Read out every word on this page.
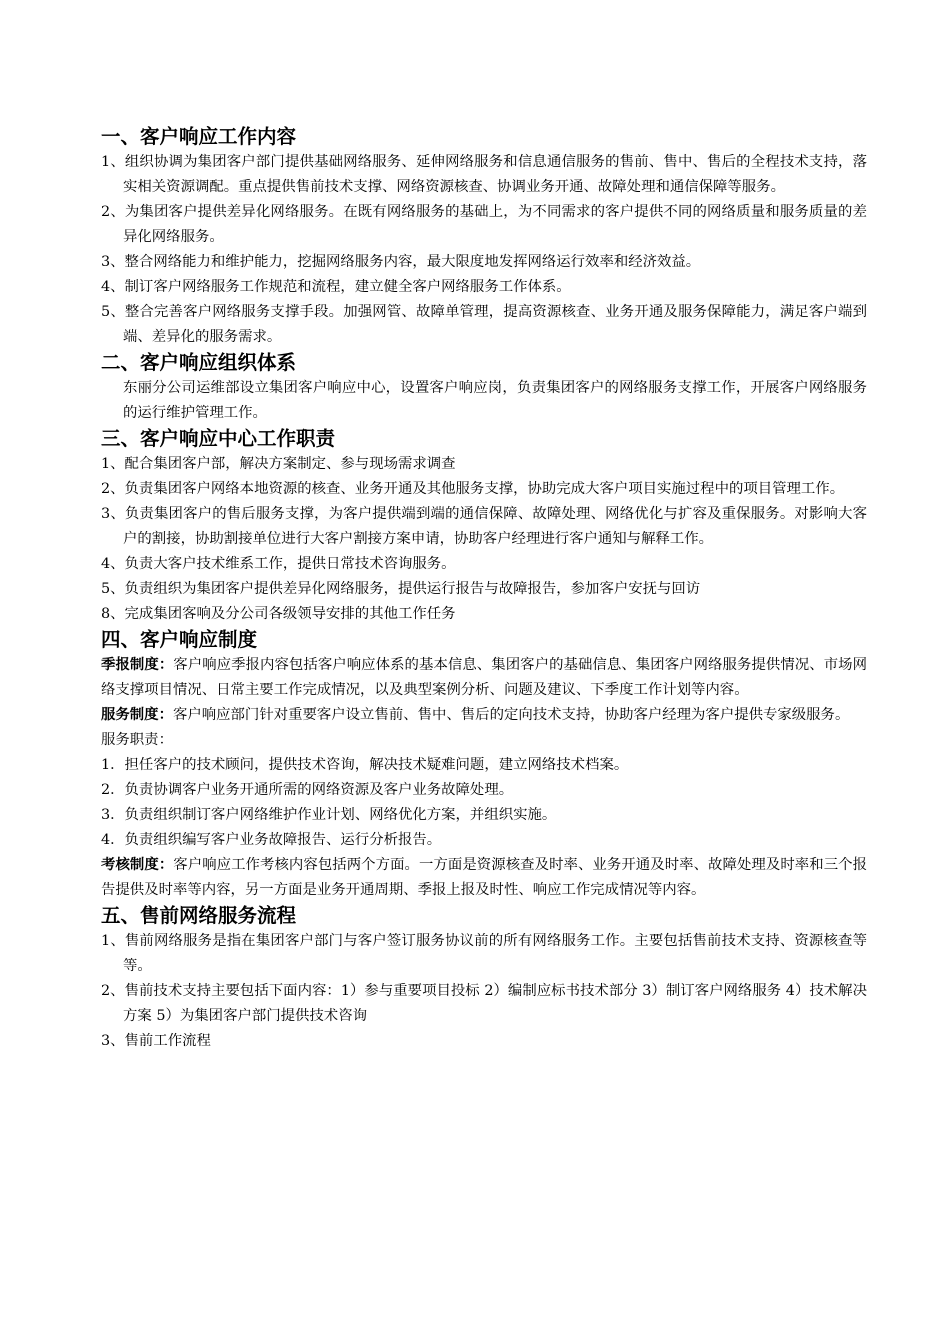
一、客户响应工作内容
1、组织协调为集团客户部门提供基础网络服务、延伸网络服务和信息通信服务的售前、售中、售后的全程技术支持，落实相关资源调配。重点提供售前技术支撑、网络资源核查、协调业务开通、故障处理和通信保障等服务。
2、为集团客户提供差异化网络服务。在既有网络服务的基础上，为不同需求的客户提供不同的网络质量和服务质量的差异化网络服务。
3、整合网络能力和维护能力，挖掘网络服务内容，最大限度地发挥网络运行效率和经济效益。
4、制订客户网络服务工作规范和流程，建立健全客户网络服务工作体系。
5、整合完善客户网络服务支撑手段。加强网管、故障单管理，提高资源核查、业务开通及服务保障能力，满足客户端到端、差异化的服务需求。
二、客户响应组织体系
东丽分公司运维部设立集团客户响应中心，设置客户响应岗，负责集团客户的网络服务支撑工作，开展客户网络服务的运行维护管理工作。
三、客户响应中心工作职责
1、配合集团客户部，解决方案制定、参与现场需求调查
2、负责集团客户网络本地资源的核查、业务开通及其他服务支撑，协助完成大客户项目实施过程中的项目管理工作。
3、负责集团客户的售后服务支撑，为客户提供端到端的通信保障、故障处理、网络优化与扩容及重保服务。对影响大客户的割接，协助割接单位进行大客户割接方案申请，协助客户经理进行客户通知与解释工作。
4、负责大客户技术维系工作，提供日常技术咨询服务。
5、负责组织为集团客户提供差异化网络服务，提供运行报告与故障报告，参加客户安抚与回访
8、完成集团客响及分公司各级领导安排的其他工作任务
四、客户响应制度
季报制度：客户响应季报内容包括客户响应体系的基本信息、集团客户的基础信息、集团客户网络服务提供情况、市场网络支撑项目情况、日常主要工作完成情况，以及典型案例分析、问题及建议、下季度工作计划等内容。
服务制度：客户响应部门针对重要客户设立售前、售中、售后的定向技术支持，协助客户经理为客户提供专家级服务。
服务职责：
1．担任客户的技术顾问，提供技术咨询，解决技术疑难问题，建立网络技术档案。
2．负责协调客户业务开通所需的网络资源及客户业务故障处理。
3．负责组织制订客户网络维护作业计划、网络优化方案，并组织实施。
4．负责组织编写客户业务故障报告、运行分析报告。
考核制度：客户响应工作考核内容包括两个方面。一方面是资源核查及时率、业务开通及时率、故障处理及时率和三个报告提供及时率等内容，另一方面是业务开通周期、季报上报及时性、响应工作完成情况等内容。
五、售前网络服务流程
1、售前网络服务是指在集团客户部门与客户签订服务协议前的所有网络服务工作。主要包括售前技术支持、资源核查等等。
2、售前技术支持主要包括下面内容：1）参与重要项目投标 2）编制应标书技术部分 3）制订客户网络服务 4）技术解决方案 5）为集团客户部门提供技术咨询
3、售前工作流程
